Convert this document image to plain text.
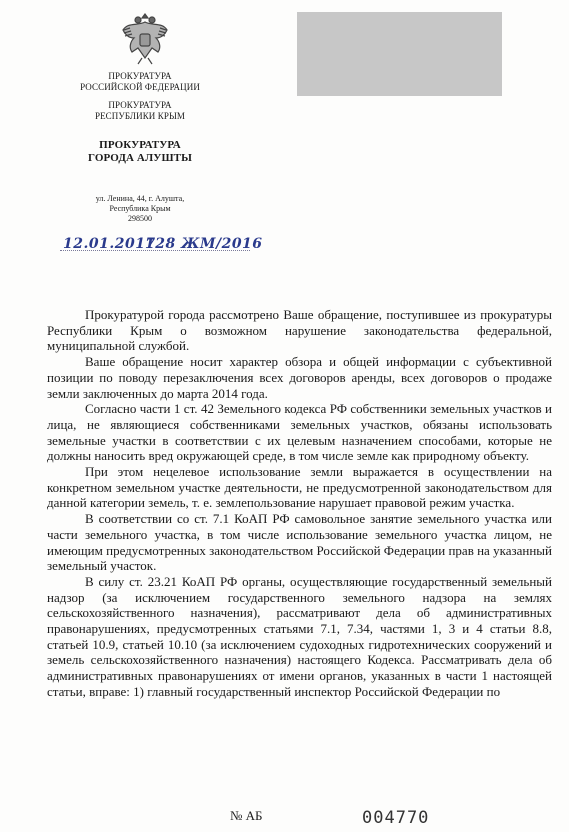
ПРОКУРАТУРА
РОССИЙСКОЙ ФЕДЕРАЦИИ
ПРОКУРАТУРА
РЕСПУБЛИКИ КРЫМ
ПРОКУРАТУРА
ГОРОДА АЛУШТЫ
ул. Ленина, 44, г. Алушта,
Республика Крым
298500
12.01.2017
128 ЖМ/2016

Прокуратурой города рассмотрено Ваше обращение, поступившее из прокуратуры Республики Крым о возможном нарушение законодательства федеральной, муниципальной службой.

Ваше обращение носит характер обзора и общей информации с субъективной позиции по поводу перезаключения всех договоров аренды, всех договоров о продаже земли заключенных до марта 2014 года.

Согласно части 1 ст. 42 Земельного кодекса РФ собственники земельных участков и лица, не являющиеся собственниками земельных участков, обязаны использовать земельные участки в соответствии с их целевым назначением способами, которые не должны наносить вред окружающей среде, в том числе земле как природному объекту.

При этом нецелевое использование земли выражается в осуществлении на конкретном земельном участке деятельности, не предусмотренной законодательством для данной категории земель, т. е. землепользование нарушает правовой режим участка.

В соответствии со ст. 7.1 КоАП РФ самовольное занятие земельного участка или части земельного участка, в том числе использование земельного участка лицом, не имеющим предусмотренных законодательством Российской Федерации прав на указанный земельный участок.

В силу ст. 23.21 КоАП РФ органы, осуществляющие государственный земельный надзор (за исключением государственного земельного надзора на землях сельскохозяйственного назначения), рассматривают дела об административных правонарушениях, предусмотренных статьями 7.1, 7.34, частями 1, 3 и 4 статьи 8.8, статьей 10.9, статьей 10.10 (за исключением судоходных гидротехнических сооружений и земель сельскохозяйственного назначения) настоящего Кодекса. Рассматривать дела об административных правонарушениях от имени органов, указанных в части 1 настоящей статьи, вправе: 1) главный государственный инспектор Российской Федерации по

№ АБ	004770
